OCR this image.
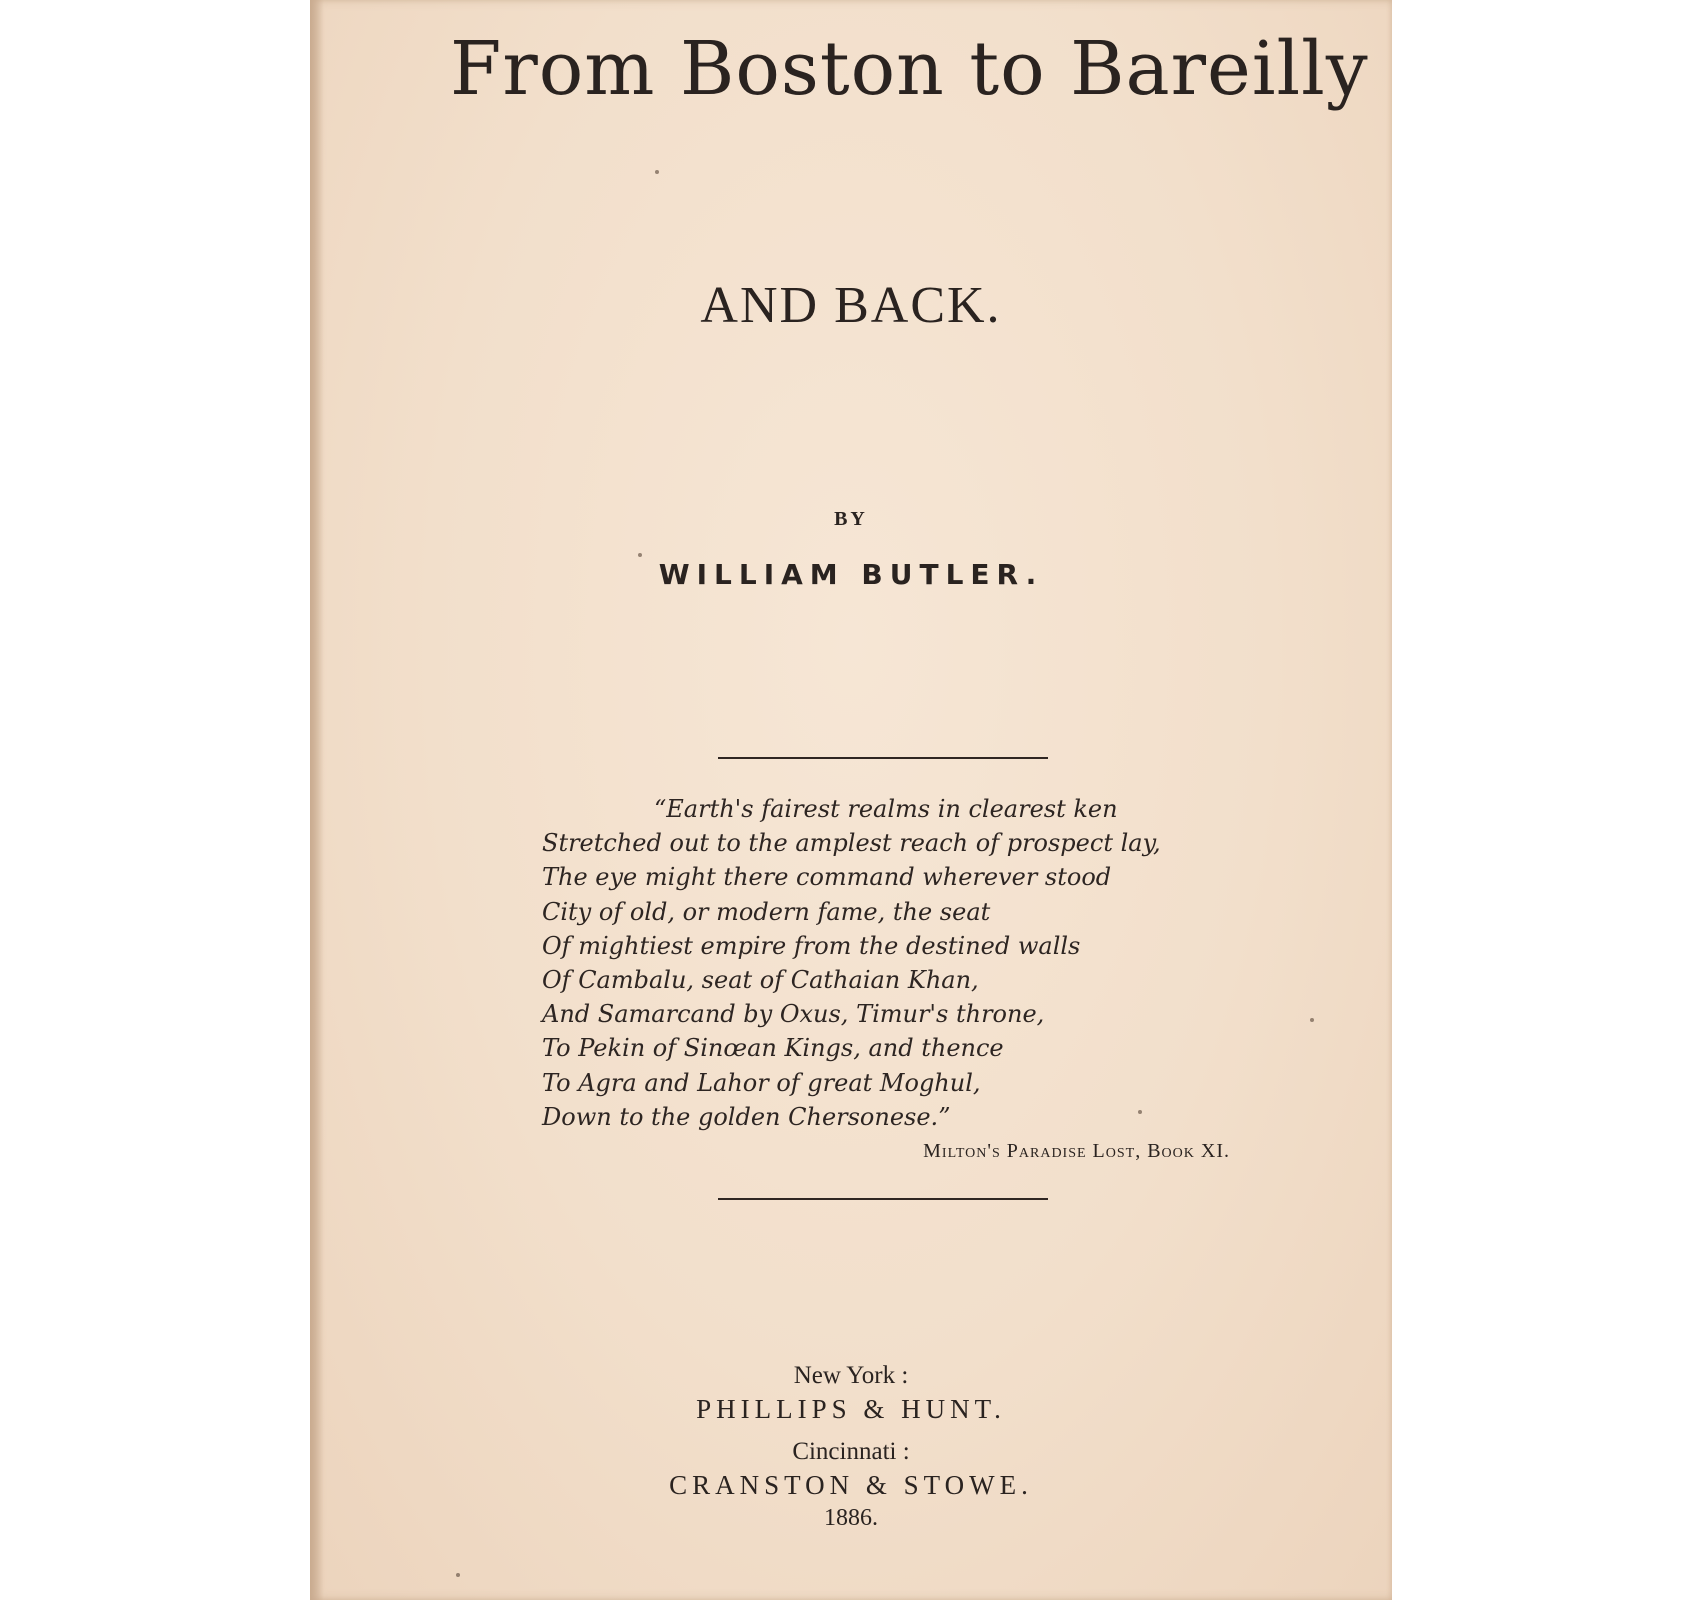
From Boston to Bareilly
AND BACK.
BY
WILLIAM BUTLER.
“Earth's fairest realms in clearest ken
Stretched out to the amplest reach of prospect lay,
The eye might there command wherever stood
City of old, or modern fame, the seat
Of mightiest empire from the destined walls
Of Cambalu, seat of Cathaian Khan,
And Samarcand by Oxus, Timur's throne,
To Pekin of Sinœan Kings, and thence
To Agra and Lahor of great Moghul,
Down to the golden Chersonese.”
Milton's Paradise Lost, Book XI.
New York :
PHILLIPS & HUNT.
Cincinnati :
CRANSTON & STOWE.
1886.
